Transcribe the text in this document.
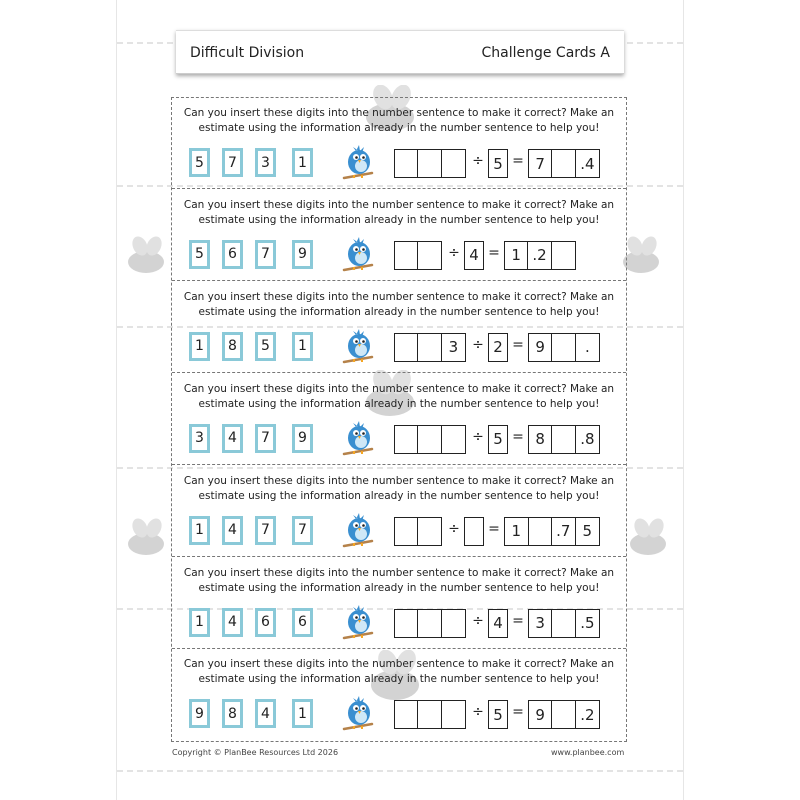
Difficult Division	Challenge Cards A
Can you insert these digits into the number sentence to make it correct? Make an estimate using the information already in the number sentence to help you!
5	7	3	1	÷ 5 = 7	.4
Can you insert these digits into the number sentence to make it correct? Make an estimate using the information already in the number sentence to help you!
5	6	7	9	÷ 4 = 1 .2
Can you insert these digits into the number sentence to make it correct? Make an estimate using the information already in the number sentence to help you!
1	8	5	1	3	÷ 2 = 9	.
Can you insert these digits into the number sentence to make it correct? Make an estimate using the information already in the number sentence to help you!
3	4	7	9	÷ 5 = 8	.8
Can you insert these digits into the number sentence to make it correct? Make an estimate using the information already in the number sentence to help you!
1	4	7	7	÷ = 1	.7 5
Can you insert these digits into the number sentence to make it correct? Make an estimate using the information already in the number sentence to help you!
1	4	6	6	÷ 4 = 3	.5
Can you insert these digits into the number sentence to make it correct? Make an estimate using the information already in the number sentence to help you!
9	8	4	1	÷ 5 = 9	.2
Copyright © PlanBee Resources Ltd 2026	www.planbee.com
